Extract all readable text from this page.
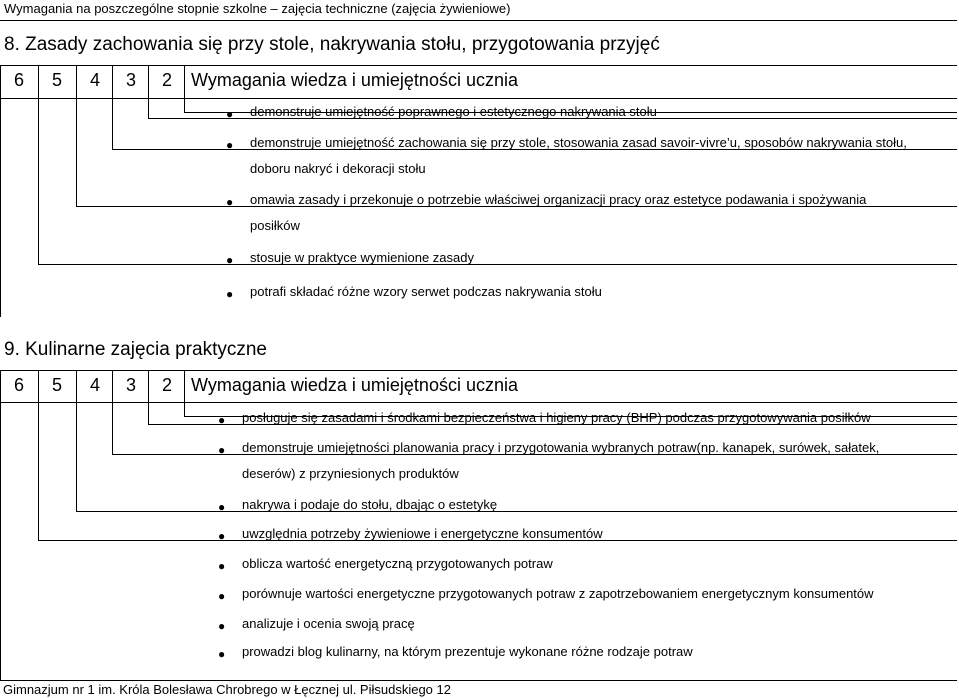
Wymagania na poszczególne stopnie szkolne – zajęcia techniczne (zajęcia żywieniowe)
8. Zasady zachowania się przy stole, nakrywania stołu, przygotowania przyjęć
6 5 4 3 2 Wymagania wiedza i umiejętności ucznia
● demonstruje umiejętność poprawnego i estetycznego nakrywania stołu
● demonstruje umiejętność zachowania się przy stole, stosowania zasad savoir-vivre’u, sposobów nakrywania stołu,
doboru nakryć i dekoracji stołu
● omawia zasady i przekonuje o potrzebie właściwej organizacji pracy oraz estetyce podawania i spożywania
posiłków
● stosuje w praktyce wymienione zasady
● potrafi składać różne wzory serwet podczas nakrywania stołu
9. Kulinarne zajęcia praktyczne
6 5 4 3 2 Wymagania wiedza i umiejętności ucznia
● posługuje się zasadami i środkami bezpieczeństwa i higieny pracy (BHP) podczas przygotowywania posiłków
● demonstruje umiejętności planowania pracy i przygotowania wybranych potraw(np. kanapek, surówek, sałatek,
deserów) z przyniesionych produktów
● nakrywa i podaje do stołu, dbając o estetykę
● uwzględnia potrzeby żywieniowe i energetyczne konsumentów
● oblicza wartość energetyczną przygotowanych potraw
● porównuje wartości energetyczne przygotowanych potraw z zapotrzebowaniem energetycznym konsumentów
● analizuje i ocenia swoją pracę
● prowadzi blog kulinarny, na którym prezentuje wykonane różne rodzaje potraw
Gimnazjum nr 1 im. Króla Bolesława Chrobrego w Łęcznej ul. Piłsudskiego 12
